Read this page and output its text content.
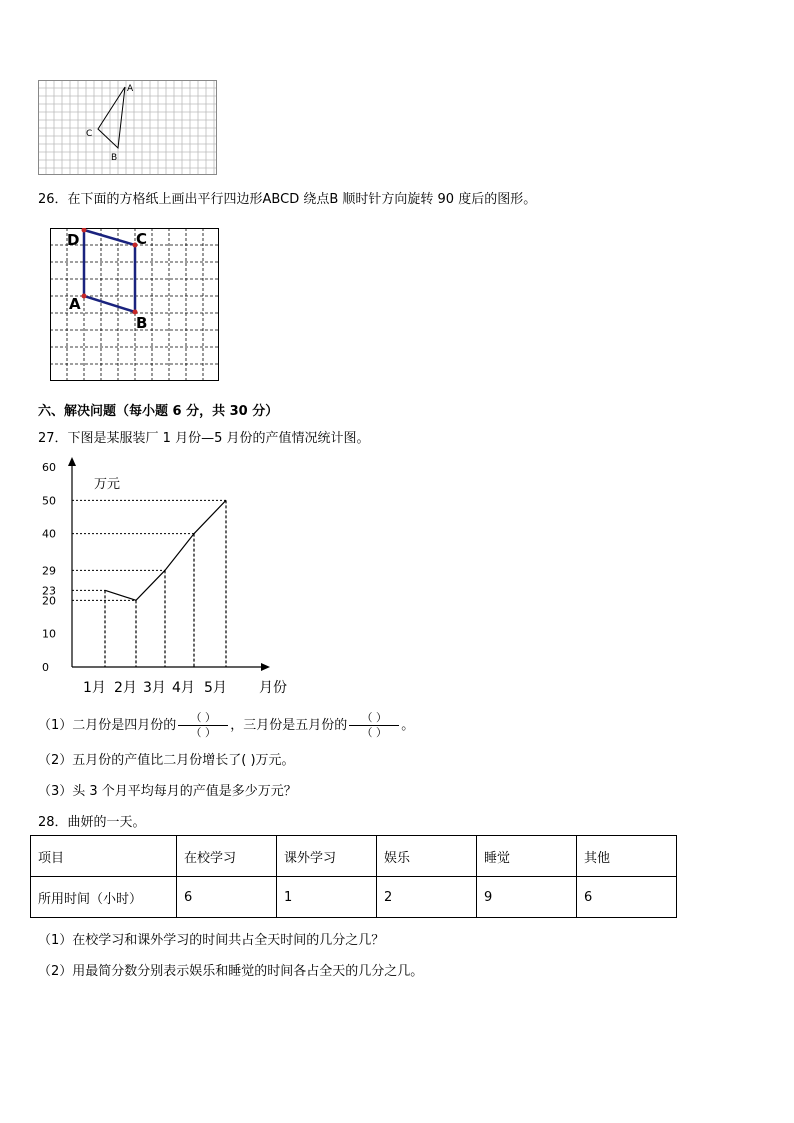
A
C
B
26．在下面的方格纸上画出平行四边形ABCD 绕点B 顺时针方向旋转 90 度后的图形。
D	C
A
B
六、解决问题（每小题 6 分，共 30 分）
27．下图是某服装厂 1 月份—5 月份的产值情况统计图。
0
10
20
23
29
40
50
60
1月 2月 3月 4月 5月
万元
月份
（1）二月份是四月份的 $\frac{( )}{( )}$ ，三月份是五月份的 $\frac{( )}{( )}$ 。
（2）五月份的产值比二月份增长了( )万元。
（3）头 3 个月平均每月的产值是多少万元？
28．曲妍的一天。
项目	在校学习	课外学习	娱乐	睡觉	其他
所用时间（小时）	6	1	2	9	6
（1）在校学习和课外学习的时间共占全天时间的几分之几？
（2）用最简分数分别表示娱乐和睡觉的时间各占全天的几分之几。
